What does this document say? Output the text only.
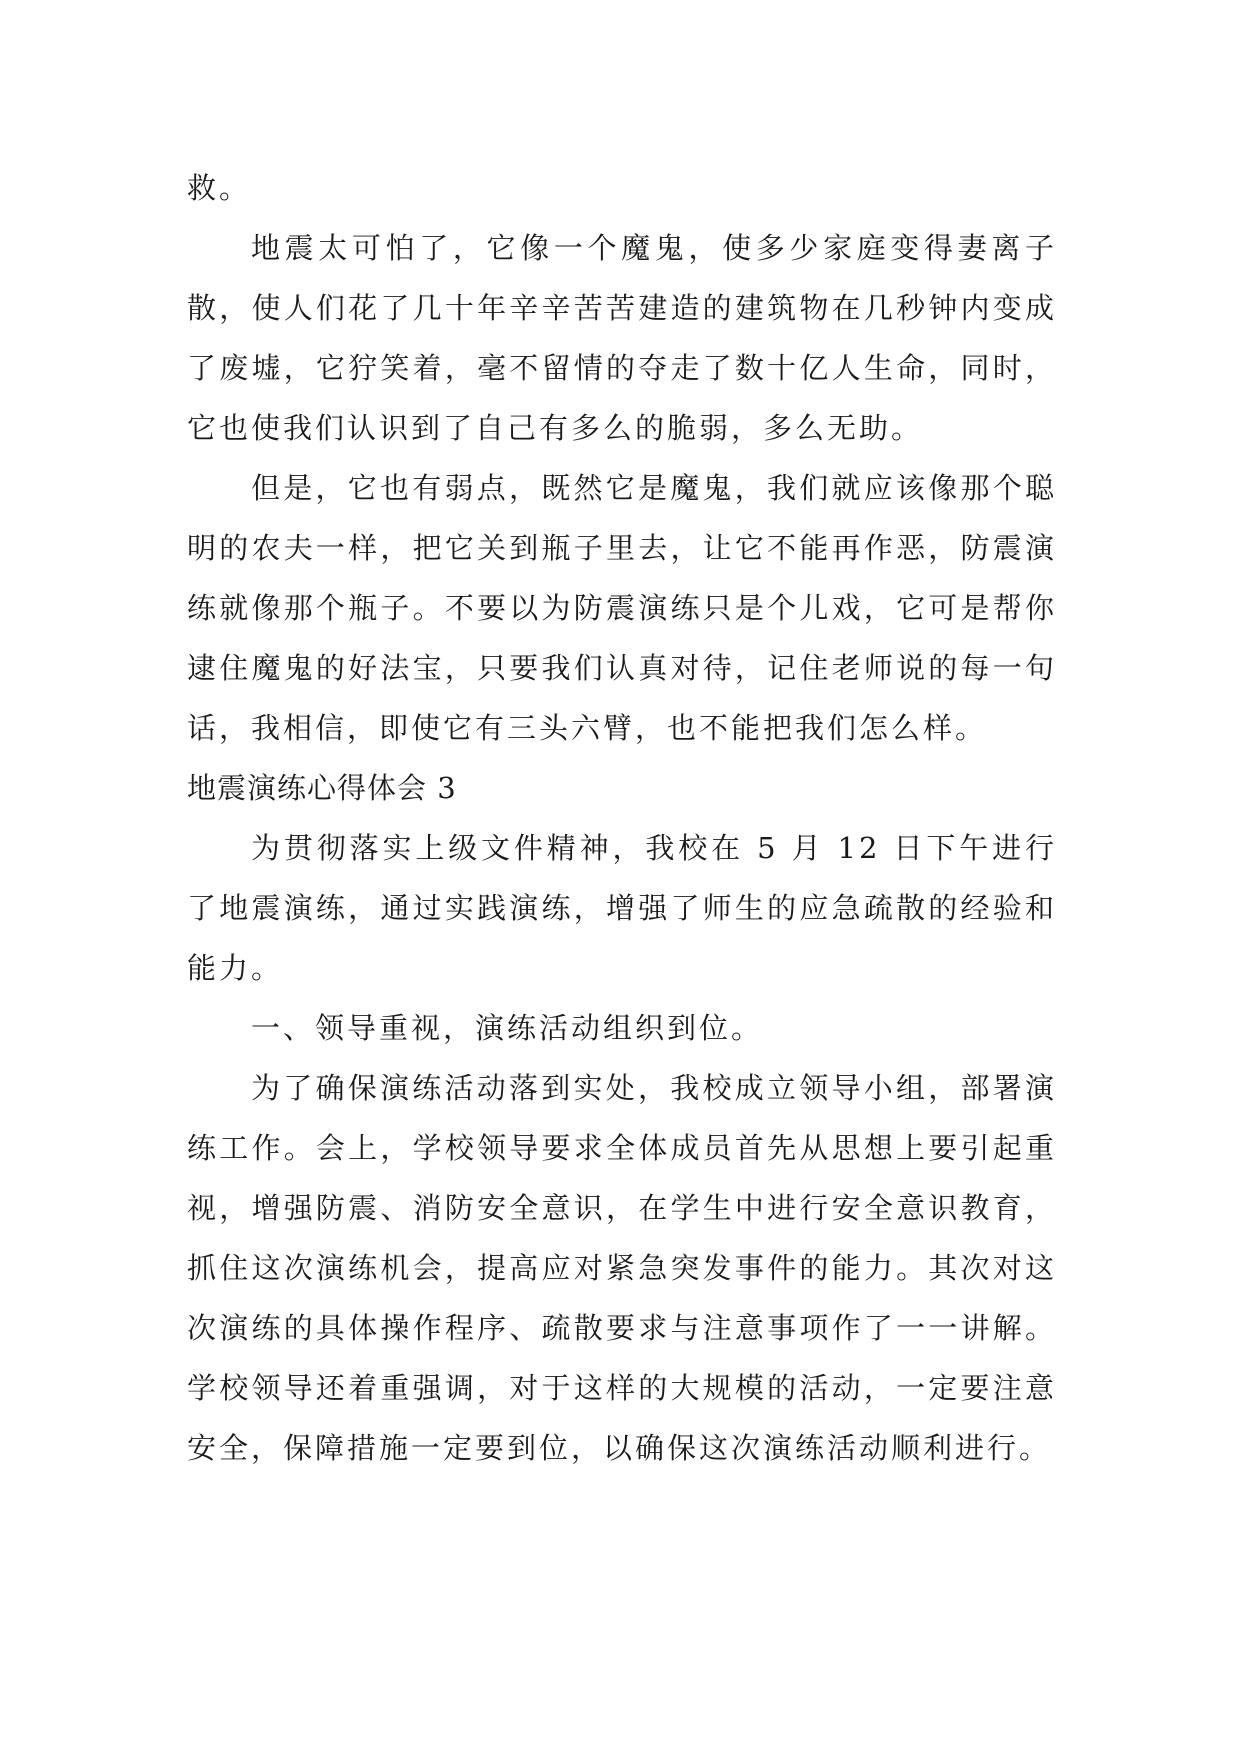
救。

地震太可怕了，它像一个魔鬼，使多少家庭变得妻离子散，使人们花了几十年辛辛苦苦建造的建筑物在几秒钟内变成了废墟，它狞笑着，毫不留情的夺走了数十亿人生命，同时，它也使我们认识到了自己有多么的脆弱，多么无助。

但是，它也有弱点，既然它是魔鬼，我们就应该像那个聪明的农夫一样，把它关到瓶子里去，让它不能再作恶，防震演练就像那个瓶子。不要以为防震演练只是个儿戏，它可是帮你逮住魔鬼的好法宝，只要我们认真对待，记住老师说的每一句话，我相信，即使它有三头六臂，也不能把我们怎么样。

地震演练心得体会 3

为贯彻落实上级文件精神，我校在 5 月 12 日下午进行了地震演练，通过实践演练，增强了师生的应急疏散的经验和能力。

一、领导重视，演练活动组织到位。

为了确保演练活动落到实处，我校成立领导小组，部署演练工作。会上，学校领导要求全体成员首先从思想上要引起重视，增强防震、消防安全意识，在学生中进行安全意识教育，抓住这次演练机会，提高应对紧急突发事件的能力。其次对这次演练的具体操作程序、疏散要求与注意事项作了一一讲解。学校领导还着重强调，对于这样的大规模的活动，一定要注意安全，保障措施一定要到位，以确保这次演练活动顺利进行。
